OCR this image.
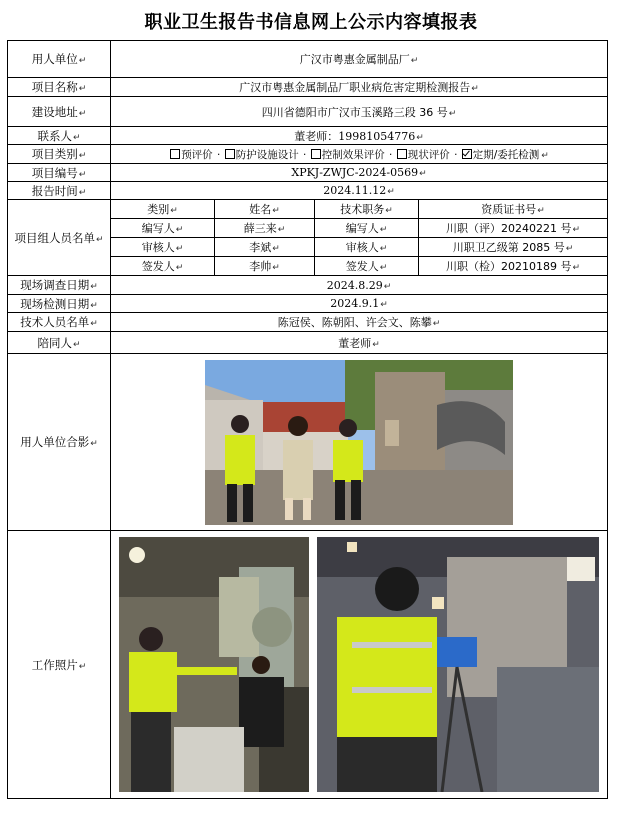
职业卫生报告书信息网上公示内容填报表
用人单位↵	广汉市粤惠金属制品厂↵			
项目名称↵	广汉市粤惠金属制品厂职业病危害定期检测报告↵			
建设地址↵	四川省德阳市广汉市玉溪路三段 36 号↵			
联系人↵	董老师：19981054776↵			
项目类别↵	预评价 · 防护设施设计 · 控制效果评价 · 现状评价 · 定期/委托检测 ↵			
项目编号↵	XPKJ-ZWJC-2024-0569↵			
报告时间↵	2024.11.12↵			
项目组人员名单↵	类别↵	姓名↵	技术职务↵	资质证书号↵
	编写人↵	薛三来↵	编写人↵	川职（评）20240221 号↵
	审核人↵	李斌↵	审核人↵	川职卫乙级第 2085 号↵
	签发人↵	李帅↵	签发人↵	川职（检）20210189 号↵
现场调查日期↵	2024.8.29↵			
现场检测日期↵	2024.9.1↵			
技术人员名单↵	陈冠侯、陈朝阳、许会文、陈攀↵			
陪同人↵	董老师↵			
用人单位合影↵	

工作照片↵	
